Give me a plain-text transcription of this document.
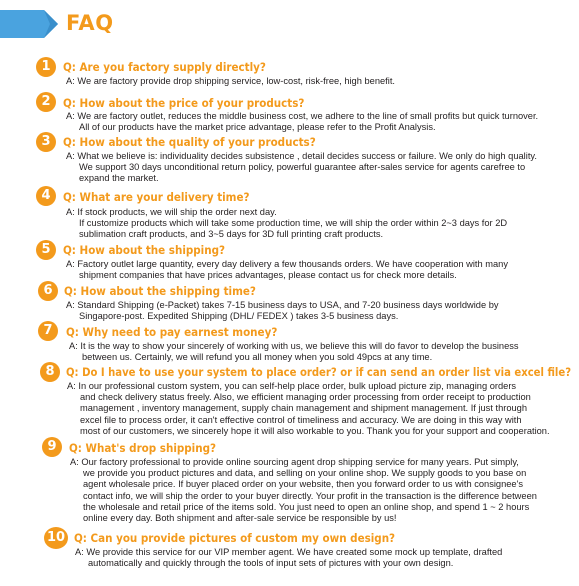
FAQ
1	Q: Are you factory supply directly?
A: We are factory provide drop shipping service, low-cost, risk-free, high benefit.
2	Q: How about the price of your products?
A: We are factory outlet, reduces the middle business cost, we adhere to the line of small profits but quick turnover.
All of our products have the market price advantage, please refer to the Profit Analysis.
3	Q: How about the quality of your products?
A: What we believe is: individuality decides subsistence , detail decides success or failure. We only do high quality.
We support 30 days unconditional return policy, powerful guarantee after-sales service for agents carefree to
expand the market.
4	Q: What are your delivery time?
A: If stock products, we will ship the order next day.
If customize products which will take some production time, we will ship the order within 2~3 days for 2D
sublimation craft products, and 3~5 days for 3D full printing craft products.
5	Q: How about the shipping?
A: Factory outlet large quantity, every day delivery a few thousands orders. We have cooperation with many
shipment companies that have prices advantages, please contact us for check more details.
6 Q: How about the shipping time?
A: Standard Shipping (e-Packet) takes 7-15 business days to USA, and 7-20 business days worldwide by
Singapore-post. Expedited Shipping (DHL/ FEDEX ) takes 3-5 business days.
7	Q: Why need to pay earnest money?
A: It is the way to show your sincerely of working with us, we believe this will do favor to develop the business
between us. Certainly, we will refund you all money when you sold 49pcs at any time.
8 Q: Do I have to use your system to place order? or if can send an order list via excel file?
A: In our professional custom system, you can self-help place order, bulk upload picture zip, managing orders
and check delivery status freely. Also, we efficient managing order processing from order receipt to production
management , inventory management, supply chain management and shipment management. If just through
excel file to process order, it can't effective control of timeliness and accuracy. We are doing in this way with
most of our customers, we sincerely hope it will also workable to you. Thank you for your support and cooperation.
9	Q: What's drop shipping?
A: Our factory professional to provide online sourcing agent drop shipping service for many years. Put simply,
we provide you product pictures and data, and selling on your online shop. We supply goods to you base on
agent wholesale price. If buyer placed order on your website, then you forward order to us with consignee's
contact info, we will ship the order to your buyer directly. Your profit in the transaction is the difference between
the wholesale and retail price of the items sold. You just need to open an online shop, and spend 1 ~ 2 hours
online every day. Both shipment and after-sale service be responsible by us!
10 Q: Can you provide pictures of custom my own design?
A: We provide this service for our VIP member agent. We have created some mock up template, drafted
automatically and quickly through the tools of input sets of pictures with your own design.
